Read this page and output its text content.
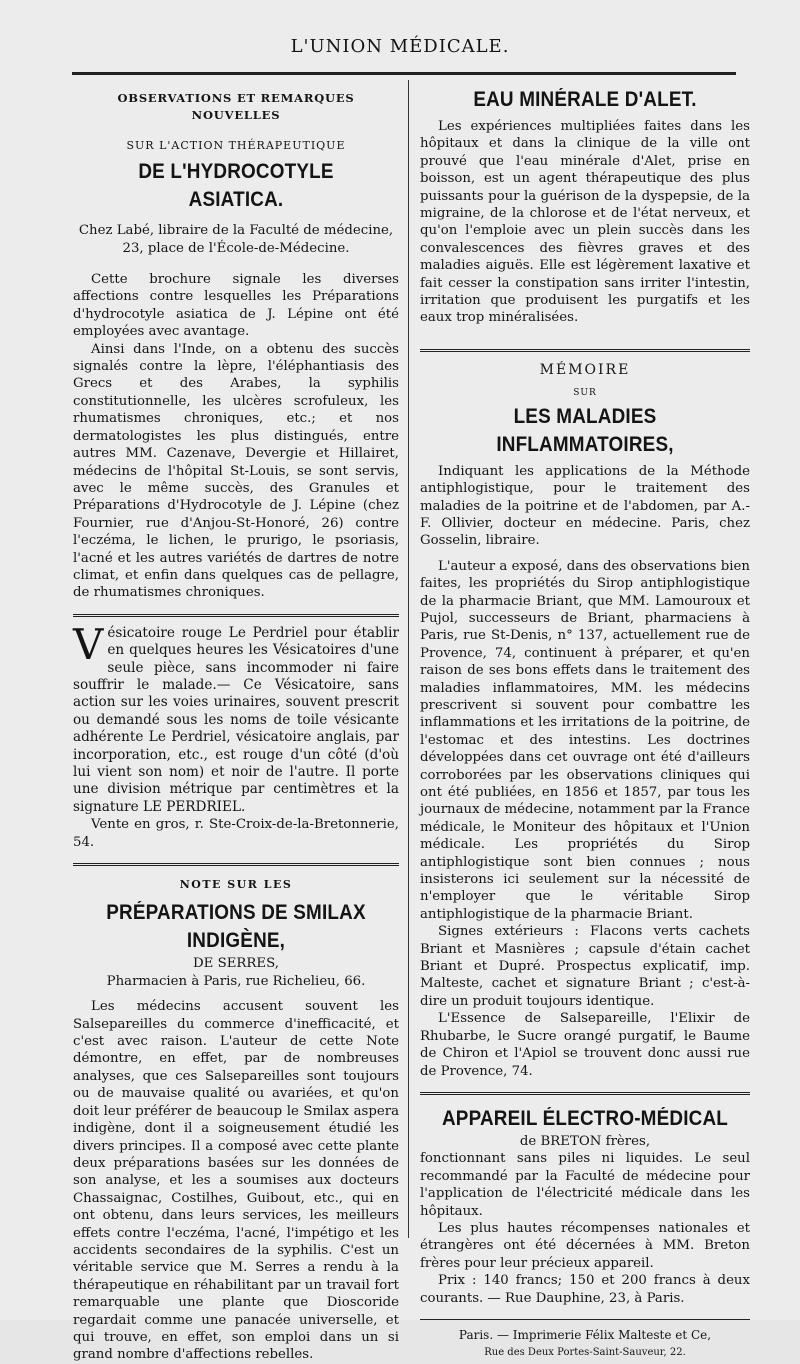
L'UNION MÉDICALE.
OBSERVATIONS ET REMARQUES NOUVELLES
SUR L'ACTION THÉRAPEUTIQUE
DE L'HYDROCOTYLE ASIATICA.

Chez Labé, libraire de la Faculté de médecine, 23, place de l'École-de-Médecine.

Cette brochure signale les diverses affections contre lesquelles les Préparations d'hydrocotyle asiatica de J. Lépine ont été employées avec avantage.

Ainsi dans l'Inde, on a obtenu des succès signalés contre la lèpre, l'éléphantiasis des Grecs et des Arabes, la syphilis constitutionnelle, les ulcères scrofuleux, les rhumatismes chroniques, etc.; et nos dermatologistes les plus distingués, entre autres MM. Cazenave, Devergie et Hillairet, médecins de l'hôpital St-Louis, se sont servis, avec le même succès, des Granules et Préparations d'Hydrocotyle de J. Lépine (chez Fournier, rue d'Anjou-St-Honoré, 26) contre l'eczéma, le lichen, le prurigo, le psoriasis, l'acné et les autres variétés de dartres de notre climat, et enfin dans quelques cas de pellagre, de rhumatismes chroniques.

V ésicatoire rouge Le Perdriel pour établir en quelques heures les Vésicatoires d'une seule pièce, sans incommoder ni faire souffrir le malade.— Ce Vésicatoire, sans action sur les voies urinaires, souvent prescrit ou demandé sous les noms de toile vésicante adhérente Le Perdriel, vésicatoire anglais, par incorporation, etc., est rouge d'un côté (d'où lui vient son nom) et noir de l'autre. Il porte une division métrique par centimètres et la signature LE PERDRIEL.

Vente en gros, r. Ste-Croix-de-la-Bretonnerie, 54.

NOTE SUR LES
PRÉPARATIONS DE SMILAX INDIGÈNE,
DE SERRES,
Pharmacien à Paris, rue Richelieu, 66.

Les médecins accusent souvent les Salsepareilles du commerce d'inefficacité, et c'est avec raison. L'auteur de cette Note démontre, en effet, par de nombreuses analyses, que ces Salsepareilles sont toujours ou de mauvaise qualité ou avariées, et qu'on doit leur préférer de beaucoup le Smilax aspera indigène, dont il a soigneusement étudié les divers principes. Il a composé avec cette plante deux préparations basées sur les données de son analyse, et les a soumises aux docteurs Chassaignac, Costilhes, Guibout, etc., qui en ont obtenu, dans leurs services, les meilleurs effets contre l'eczéma, l'acné, l'impétigo et les accidents secondaires de la syphilis. C'est un véritable service que M. Serres a rendu à la thérapeutique en réhabilitant par un travail fort remarquable une plante que Dioscoride regardait comme une panacée universelle, et qui trouve, en effet, son emploi dans un si grand nombre d'affections rebelles.

EAU MINÉRALE D'ALET.

Les expériences multipliées faites dans les hôpitaux et dans la clinique de la ville ont prouvé que l'eau minérale d'Alet, prise en boisson, est un agent thérapeutique des plus puissants pour la guérison de la dyspepsie, de la migraine, de la chlorose et de l'état nerveux, et qu'on l'emploie avec un plein succès dans les convalescences des fièvres graves et des maladies aiguës. Elle est légèrement laxative et fait cesser la constipation sans irriter l'intestin, irritation que produisent les purgatifs et les eaux trop minéralisées.

MÉMOIRE
SUR
LES MALADIES INFLAMMATOIRES,

Indiquant les applications de la Méthode antiphlogistique, pour le traitement des maladies de la poitrine et de l'abdomen, par A.-F. Ollivier, docteur en médecine. Paris, chez Gosselin, libraire.

L'auteur a exposé, dans des observations bien faites, les propriétés du Sirop antiphlogistique de la pharmacie Briant, que MM. Lamouroux et Pujol, successeurs de Briant, pharmaciens à Paris, rue St-Denis, n° 137, actuellement rue de Provence, 74, continuent à préparer, et qu'en raison de ses bons effets dans le traitement des maladies inflammatoires, MM. les médecins prescrivent si souvent pour combattre les inflammations et les irritations de la poitrine, de l'estomac et des intestins. Les doctrines développées dans cet ouvrage ont été d'ailleurs corroborées par les observations cliniques qui ont été publiées, en 1856 et 1857, par tous les journaux de médecine, notamment par la France médicale, le Moniteur des hôpitaux et l'Union médicale. Les propriétés du Sirop antiphlogistique sont bien connues ; nous insisterons ici seulement sur la nécessité de n'employer que le véritable Sirop antiphlogistique de la pharmacie Briant.

Signes extérieurs : Flacons verts cachets Briant et Masnières ; capsule d'étain cachet Briant et Dupré. Prospectus explicatif, imp. Malteste, cachet et signature Briant ; c'est-à-dire un produit toujours identique.

L'Essence de Salsepareille, l'Elixir de Rhubarbe, le Sucre orangé purgatif, le Baume de Chiron et l'Apiol se trouvent donc aussi rue de Provence, 74.

APPAREIL ÉLECTRO-MÉDICAL
de BRETON frères,

fonctionnant sans piles ni liquides. Le seul recommandé par la Faculté de médecine pour l'application de l'électricité médicale dans les hôpitaux.

Les plus hautes récompenses nationales et étrangères ont été décernées à MM. Breton frères pour leur précieux appareil.

Prix : 140 francs; 150 et 200 francs à deux courants. — Rue Dauphine, 23, à Paris.

Paris. — Imprimerie Félix Malteste et Ce,
Rue des Deux Portes-Saint-Sauveur, 22.
